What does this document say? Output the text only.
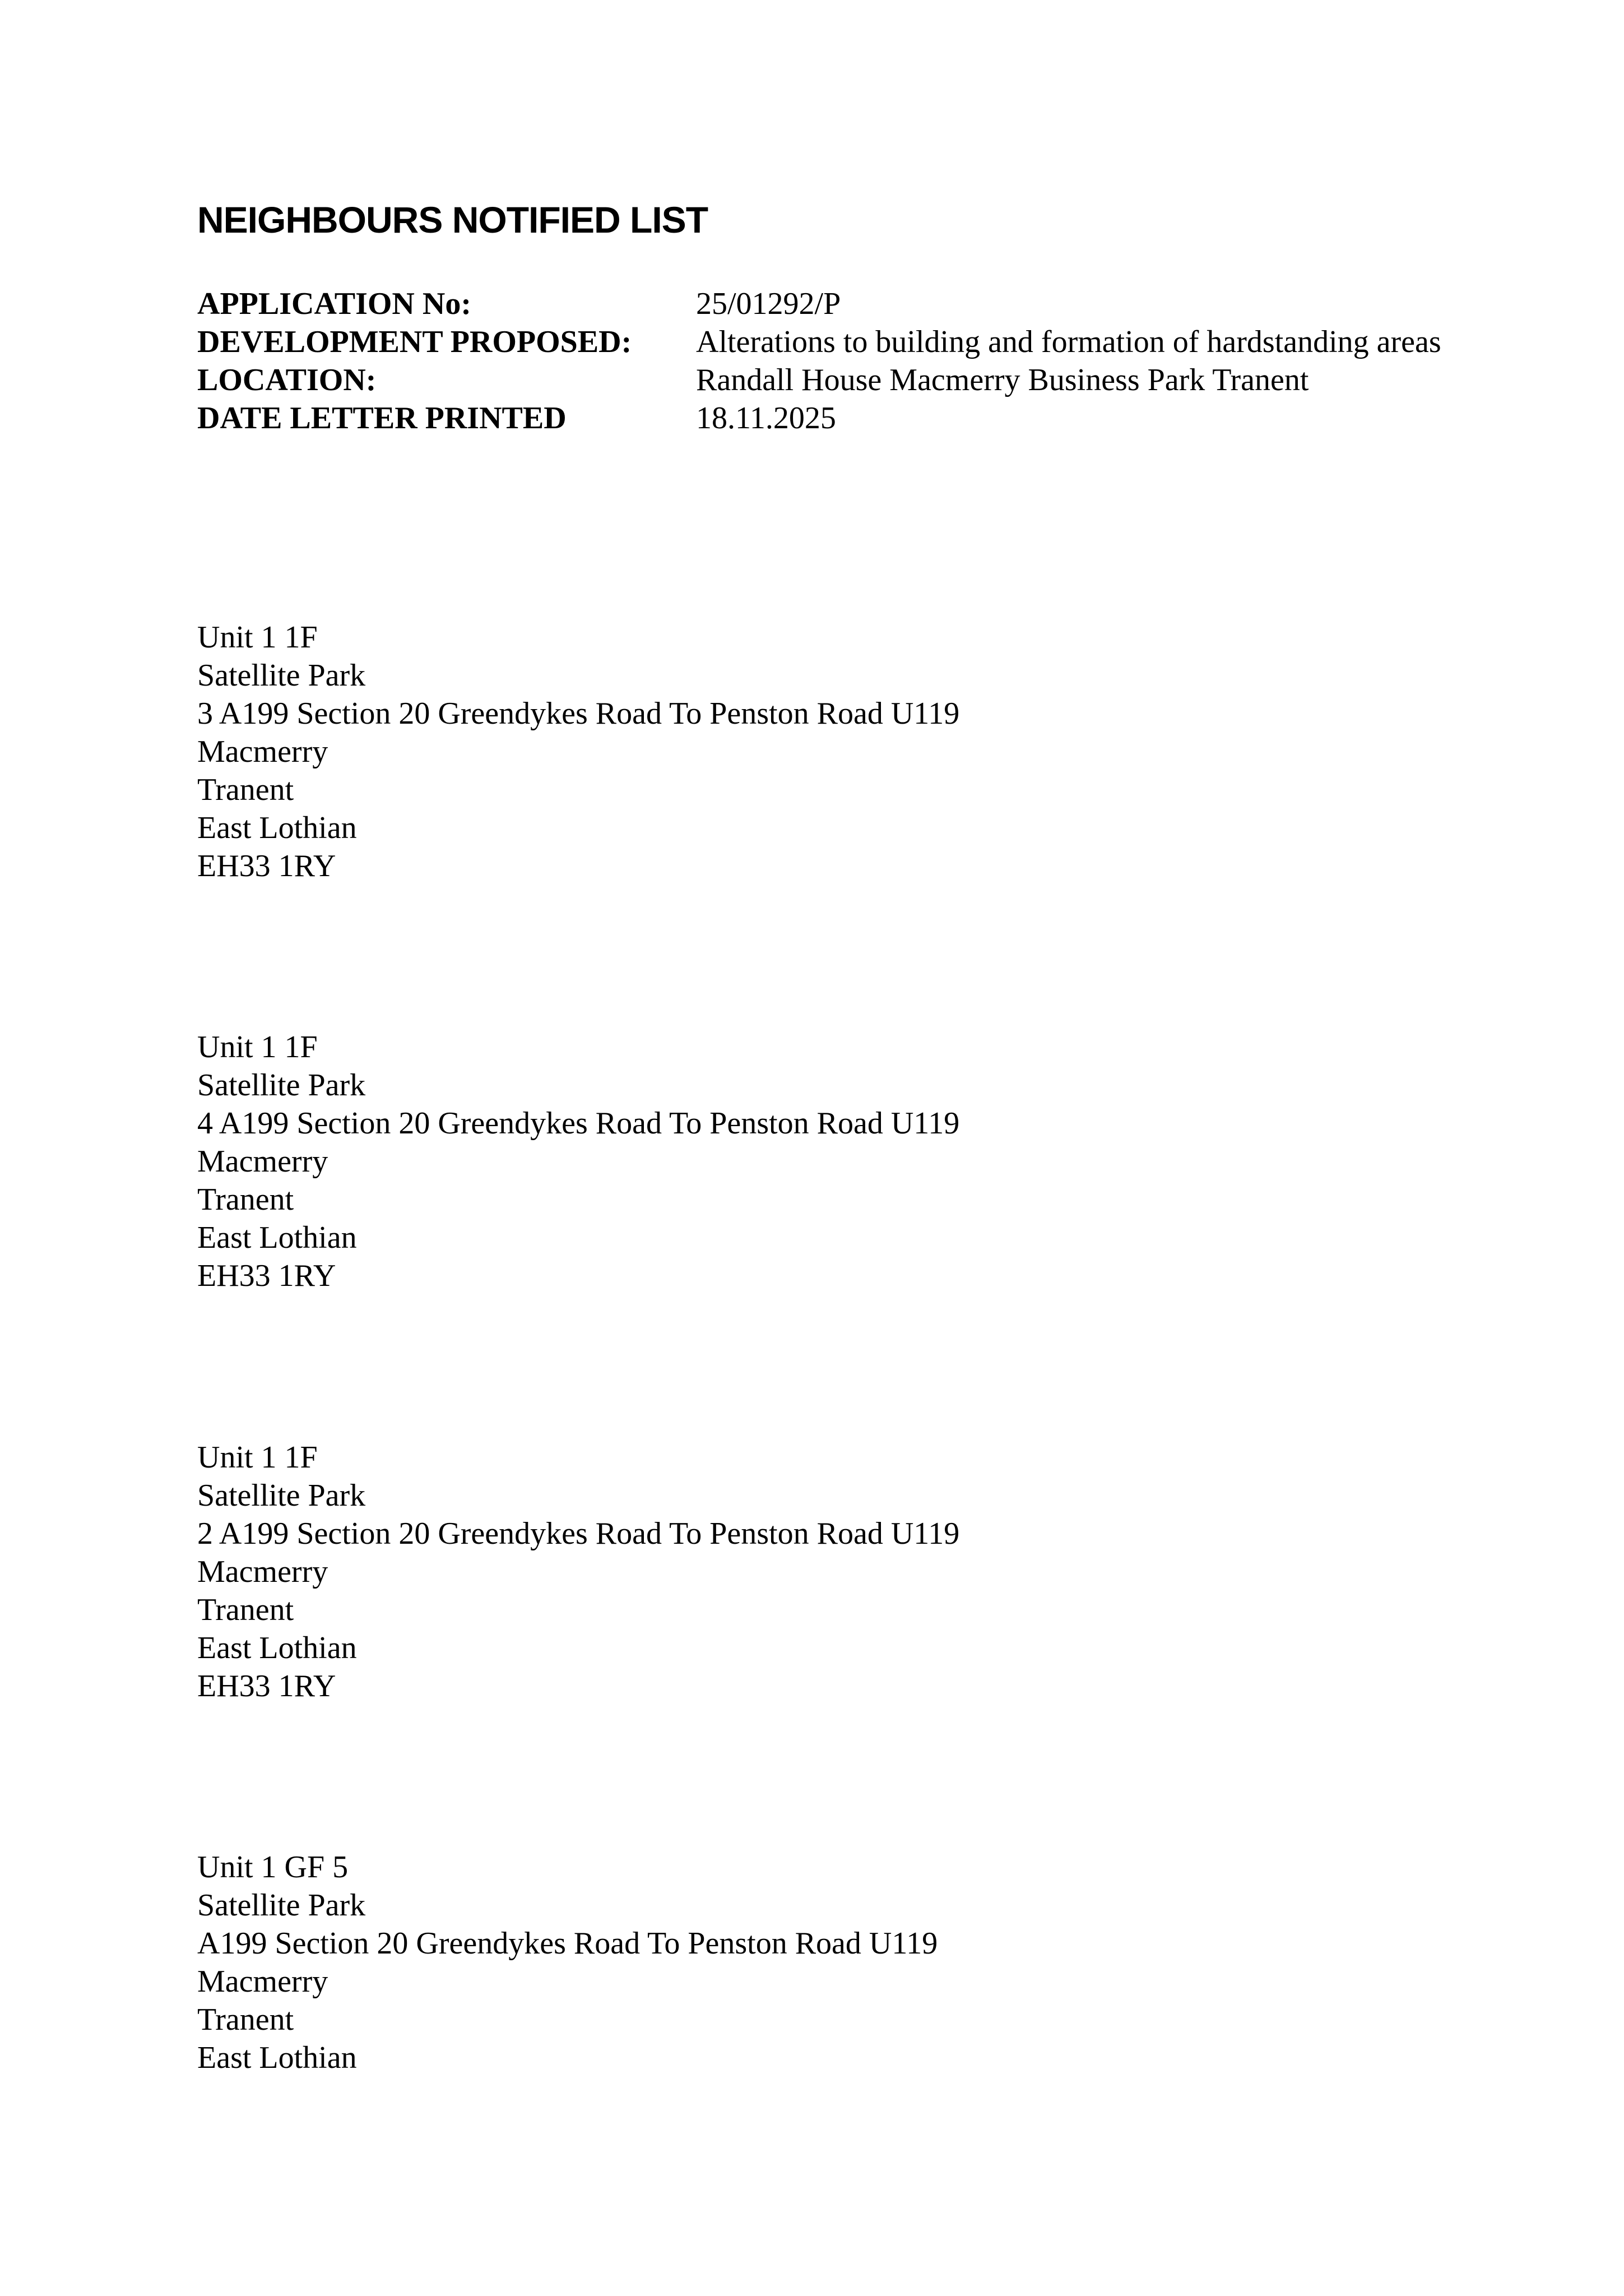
NEIGHBOURS NOTIFIED LIST
APPLICATION No:	25/01292/P
DEVELOPMENT PROPOSED:	Alterations to building and formation of hardstanding areas
LOCATION:	Randall House Macmerry Business Park Tranent
DATE LETTER PRINTED	18.11.2025
Unit 1 1F
Satellite Park
3 A199 Section 20 Greendykes Road To Penston Road U119
Macmerry
Tranent
East Lothian
EH33 1RY
Unit 1 1F
Satellite Park
4 A199 Section 20 Greendykes Road To Penston Road U119
Macmerry
Tranent
East Lothian
EH33 1RY
Unit 1 1F
Satellite Park
2 A199 Section 20 Greendykes Road To Penston Road U119
Macmerry
Tranent
East Lothian
EH33 1RY
Unit 1 GF 5
Satellite Park
A199 Section 20 Greendykes Road To Penston Road U119
Macmerry
Tranent
East Lothian
